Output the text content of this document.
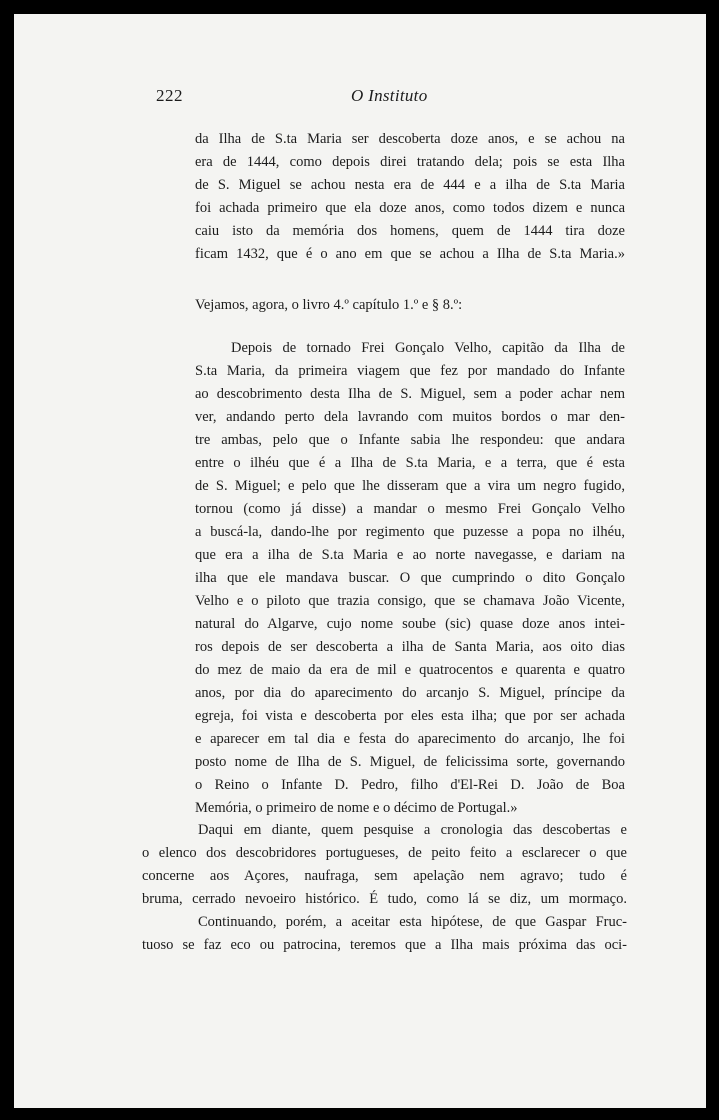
222	O Instituto
da Ilha de S.ta Maria ser descoberta doze anos, e se achou na
era de 1444, como depois direi tratando dela; pois se esta Ilha
de S. Miguel se achou nesta era de 444 e a ilha de S.ta Maria
foi achada primeiro que ela doze anos, como todos dizem e nunca
caiu isto da memória dos homens, quem de 1444 tira doze
ficam 1432, que é o ano em que se achou a Ilha de S.ta Maria.»
Vejamos, agora, o livro 4.º capítulo 1.º e § 8.º:
Depois de tornado Frei Gonçalo Velho, capitão da Ilha de
S.ta Maria, da primeira viagem que fez por mandado do Infante
ao descobrimento desta Ilha de S. Miguel, sem a poder achar nem
ver, andando perto dela lavrando com muitos bordos o mar den-
tre ambas, pelo que o Infante sabia lhe respondeu: que andara
entre o ilhéu que é a Ilha de S.ta Maria, e a terra, que é esta
de S. Miguel; e pelo que lhe disseram que a vira um negro fugido,
tornou (como já disse) a mandar o mesmo Frei Gonçalo Velho
a buscá-la, dando-lhe por regimento que puzesse a popa no ilhéu,
que era a ilha de S.ta Maria e ao norte navegasse, e dariam na
ilha que ele mandava buscar. O que cumprindo o dito Gonçalo
Velho e o piloto que trazia consigo, que se chamava João Vicente,
natural do Algarve, cujo nome soube (sic) quase doze anos intei-
ros depois de ser descoberta a ilha de Santa Maria, aos oito dias
do mez de maio da era de mil e quatrocentos e quarenta e quatro
anos, por dia do aparecimento do arcanjo S. Miguel, príncipe da
egreja, foi vista e descoberta por eles esta ilha; que por ser achada
e aparecer em tal dia e festa do aparecimento do arcanjo, lhe foi
posto nome de Ilha de S. Miguel, de felicissima sorte, governando
o Reino o Infante D. Pedro, filho d'El-Rei D. João de Boa
Memória, o primeiro de nome e o décimo de Portugal.»
Daqui em diante, quem pesquise a cronologia das descobertas e
o elenco dos descobridores portugueses, de peito feito a esclarecer o que
concerne aos Açores, naufraga, sem apelação nem agravo; tudo é
bruma, cerrado nevoeiro histórico. É tudo, como lá se diz, um mormaço.
Continuando, porém, a aceitar esta hipótese, de que Gaspar Fruc-
tuoso se faz eco ou patrocina, teremos que a Ilha mais próxima das oci-
